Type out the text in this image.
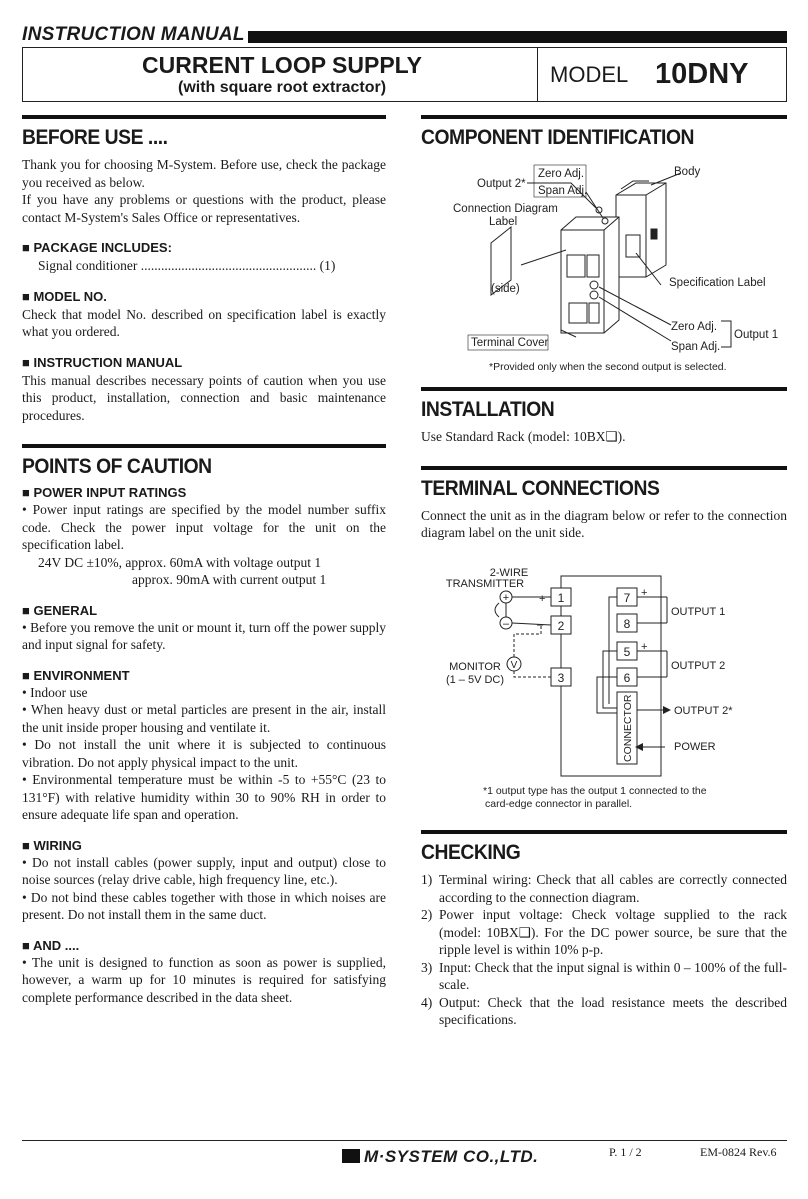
INSTRUCTION MANUAL
CURRENT LOOP SUPPLY
(with square root extractor)
MODEL 10DNY
BEFORE USE ....

Thank you for choosing M-System. Before use, check the package you received as below.

If you have any problems or questions with the product, please contact M-System's Sales Office or representatives.

■ PACKAGE INCLUDES:
Signal conditioner .................................................... (1)
■ MODEL NO.
Check that model No. described on specification label is exactly what you ordered.
■ INSTRUCTION MANUAL
This manual describes necessary points of caution when you use this product, installation, connection and basic maintenance procedures.
POINTS OF CAUTION
■ POWER INPUT RATINGS
• Power input ratings are specified by the model number suffix code. Check the power input voltage for the unit on the specification label.
24V DC ±10%, approx. 60mA with voltage output 1
approx. 90mA with current output 1
■ GENERAL
• Before you remove the unit or mount it, turn off the power supply and input signal for safety.
■ ENVIRONMENT
• Indoor use
• When heavy dust or metal particles are present in the air, install the unit inside proper housing and ventilate it.
• Do not install the unit where it is subjected to continuous vibration. Do not apply physical impact to the unit.
• Environmental temperature must be within -5 to +55°C (23 to 131°F) with relative humidity within 30 to 90% RH in order to ensure adequate life span and operation.
■ WIRING
• Do not install cables (power supply, input and output) close to noise sources (relay drive cable, high frequency line, etc.).
• Do not bind these cables together with those in which noises are present. Do not install them in the same duct.
■ AND ....
• The unit is designed to function as soon as power is supplied, however, a warm up for 10 minutes is required for satisfying complete performance described in the data sheet.
COMPONENT IDENTIFICATION
Output 2*
Zero Adj.
Span Adj.
Body
Connection Diagram
Label
(side)	Specification Label
Zero Adj.
Span Adj.
Output 1
Terminal Cover
*Provided only when the second output is selected.
INSTALLATION
Use Standard Rack (model: 10BX❑).
TERMINAL CONNECTIONS
Connect the unit as in the diagram below or refer to the connection diagram label on the unit side.
2-WIRE
TRANSMITTER
+
–
+
–
1
2
3
7
8
5
6
V
MONITOR
(1 – 5V DC)
+
–
+
–
OUTPUT 1
OUTPUT 2
OUTPUT 2*
POWER
CONNECTOR
*1 output type has the output 1 connected to the
card-edge connector in parallel.
CHECKING
1) Terminal wiring: Check that all cables are correctly connected according to the connection diagram.
2) Power input voltage: Check voltage supplied to the rack (model: 10BX❑). For the DC power source, be sure that the ripple level is within 10% p-p.
3) Input: Check that the input signal is within 0 – 100% of the full-scale.
4) Output: Check that the load resistance meets the described specifications.
M·SYSTEM CO.,LTD.	P. 1 / 2	EM-0824 Rev.6
